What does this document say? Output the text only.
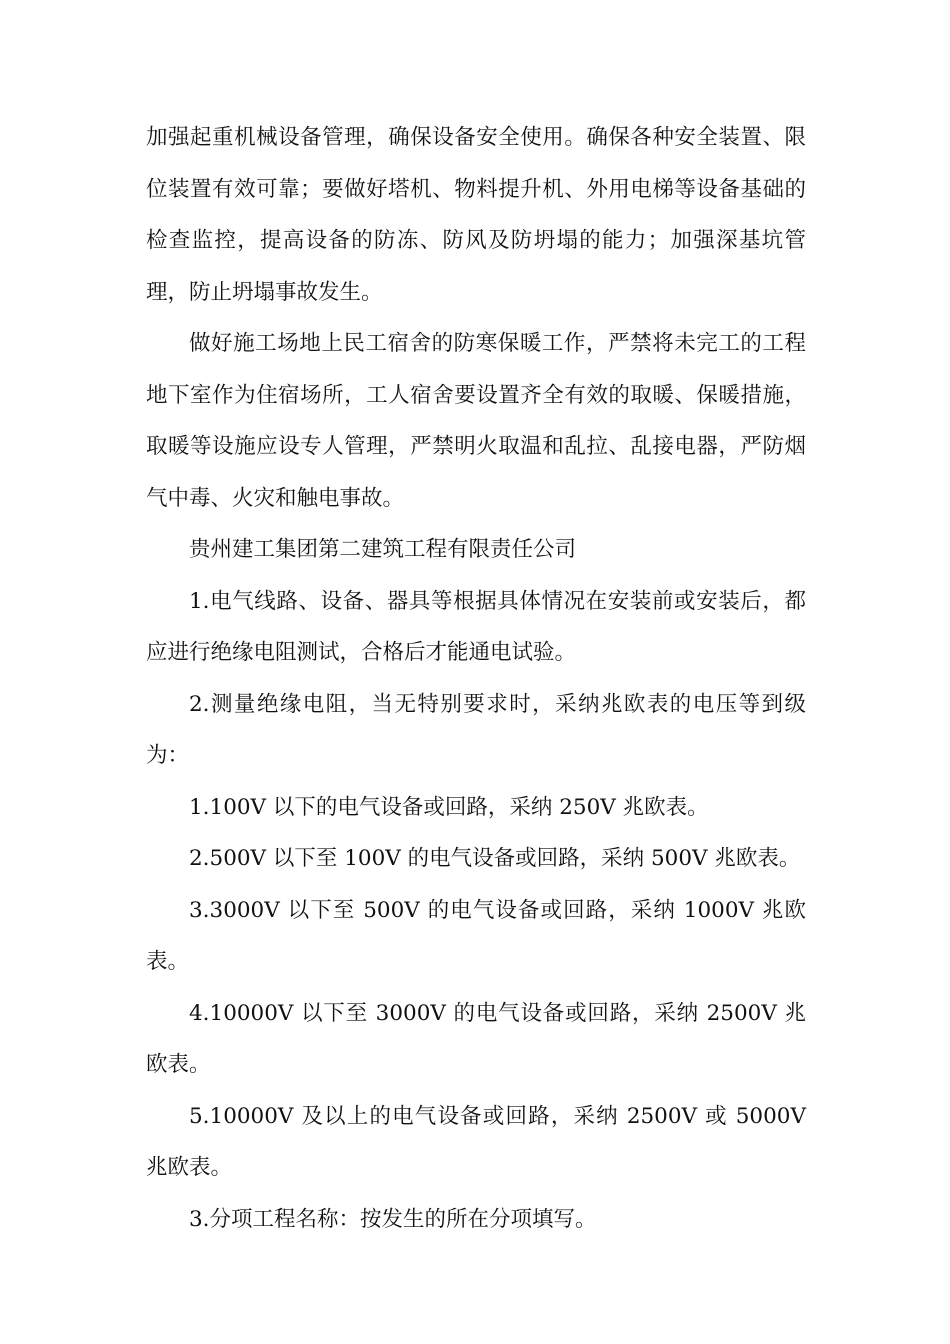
加强起重机械设备管理，确保设备安全使用。确保各种安全装置、限位装置有效可靠；要做好塔机、物料提升机、外用电梯等设备基础的检查监控，提高设备的防冻、防风及防坍塌的能力；加强深基坑管理，防止坍塌事故发生。

做好施工场地上民工宿舍的防寒保暖工作，严禁将未完工的工程地下室作为住宿场所，工人宿舍要设置齐全有效的取暖、保暖措施，取暖等设施应设专人管理，严禁明火取温和乱拉、乱接电器，严防烟气中毒、火灾和触电事故。

贵州建工集团第二建筑工程有限责任公司

1.电气线路、设备、器具等根据具体情况在安装前或安装后，都应进行绝缘电阻测试，合格后才能通电试验。

2.测量绝缘电阻，当无特别要求时，采纳兆欧表的电压等到级为：

1.100V 以下的电气设备或回路，采纳 250V 兆欧表。

2.500V 以下至 100V 的电气设备或回路，采纳 500V 兆欧表。

3.3000V 以下至 500V 的电气设备或回路，采纳 1000V 兆欧表。

4.10000V 以下至 3000V 的电气设备或回路，采纳 2500V 兆欧表。

5.10000V 及以上的电气设备或回路，采纳 2500V 或 5000V 兆欧表。

3.分项工程名称：按发生的所在分项填写。
